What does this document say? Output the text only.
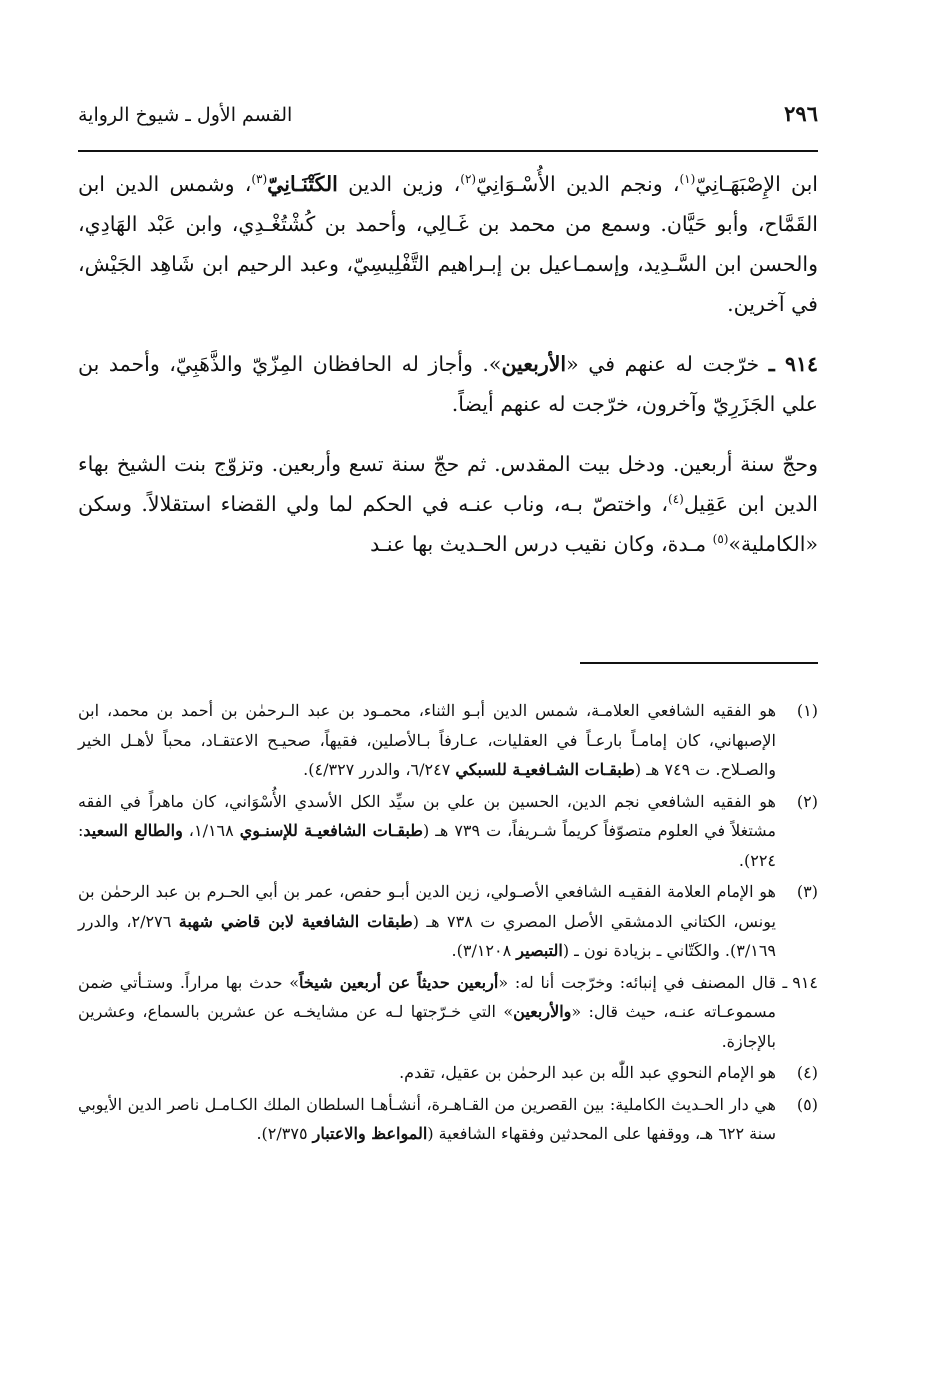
٢٩٦
القسم الأول ـ شيوخ الرواية

ابن الإِصْبَهَـانِيّ$^{(١)}$، ونجم الدين الأُسْـوَانِيّ$^{(٢)}$، وزين الدين الكَتْنَـانِيّ$^{(٣)}$، وشمس الدين ابن القَمَّاح، وأبو حَيَّان. وسمع من محمد بن غَـالِي، وأحمد بن كُشْتُغْـدِي، وابن عَبْد الهَادِي، والحسن ابن السَّـدِيد، وإسمـاعيل بن إبـراهيم التَّفْلِيسِيّ، وعبد الرحيم ابن شَاهِد الجَيْش، في آخرين.

٩١٤ ـ خرّجت له عنهم في «الأربعين». وأجاز له الحافظان المِزّيّ والذَّهَبِيّ، وأحمد بن علي الجَزَرِيّ وآخرون، خرّجت له عنهم أيضاً.

وحجّ سنة أربعين. ودخل بيت المقدس. ثم حجّ سنة تسع وأربعين. وتزوّج بنت الشيخ بهاء الدين ابن عَقِيل$^{(٤)}$، واختصّ بـه، وناب عنـه في الحكم لما ولي القضاء استقلالاً. وسكن «الكاملية»$^{(٥)}$ مـدة، وكان نقيب درس الحـديث بها عنـد

(١)
هو الفقيه الشافعي العلامـة، شمس الدين أبـو الثناء، محمـود بن عبد الـرحمٰن بن أحمد بن محمد، ابن الإصبهاني، كان إمامـاً بارعـاً في العقليات، عـارفاً بـالأصلين، فقيهاً، صحيـح الاعتقـاد، محباً لأهـل الخير والصـلاح. ت ٧٤٩ هـ (طبقـات الشـافعيـة للسبكي ٦/٢٤٧، والدرر ٤/٣٢٧).
(٢)
هو الفقيه الشافعي نجم الدين، الحسين بن علي بن سيِّد الكل الأسدي الأُسْوَاني، كان ماهراً في الفقه مشتغلاً في العلوم متصوّفاً كريماً شـريفاً، ت ٧٣٩ هـ (طبقـات الشافعيـة للإسنـوي ١/١٦٨، والطالع السعيد: ٢٢٤).
(٣)
هو الإمام العلامة الفقيـه الشافعي الأصـولي، زين الدين أبـو حفص، عمر بن أبي الحـرم بن عبد الرحمٰن بن يونس، الكتاني الدمشقي الأصل المصري ت ٧٣٨ هـ (طبقات الشافعية لابن قاضي شهبة ٢/٢٧٦، والدرر ٣/١٦٩). والكَتّاني ـ بزيادة نون ـ (التبصير ٣/١٢٠٨).
٩١٤ ـ
قال المصنف في إنبائه: وخرّجت أنا له: «أربعين حديثاً عن أربعين شيخاً» حدث بها مراراً. وستـأتي ضمن مسموعـاته عنـه، حيث قال: «والأربعين» التي خـرّجتها لـه عن مشايخـه عن عشرين بالسماع، وعشرين بالإجازة.
(٤)
هو الإمام النحوي عبد اللّٰه بن عبد الرحمٰن بن عقيل، تقدم.
(٥)
هي دار الحـديث الكاملية: بين القصرين من القـاهـرة، أنشـأهـا السلطان الملك الكـامـل ناصر الدين الأيوبي سنة ٦٢٢ هـ، ووقفها على المحدثين وفقهاء الشافعية (المواعظ والاعتبار ٢/٣٧٥).
